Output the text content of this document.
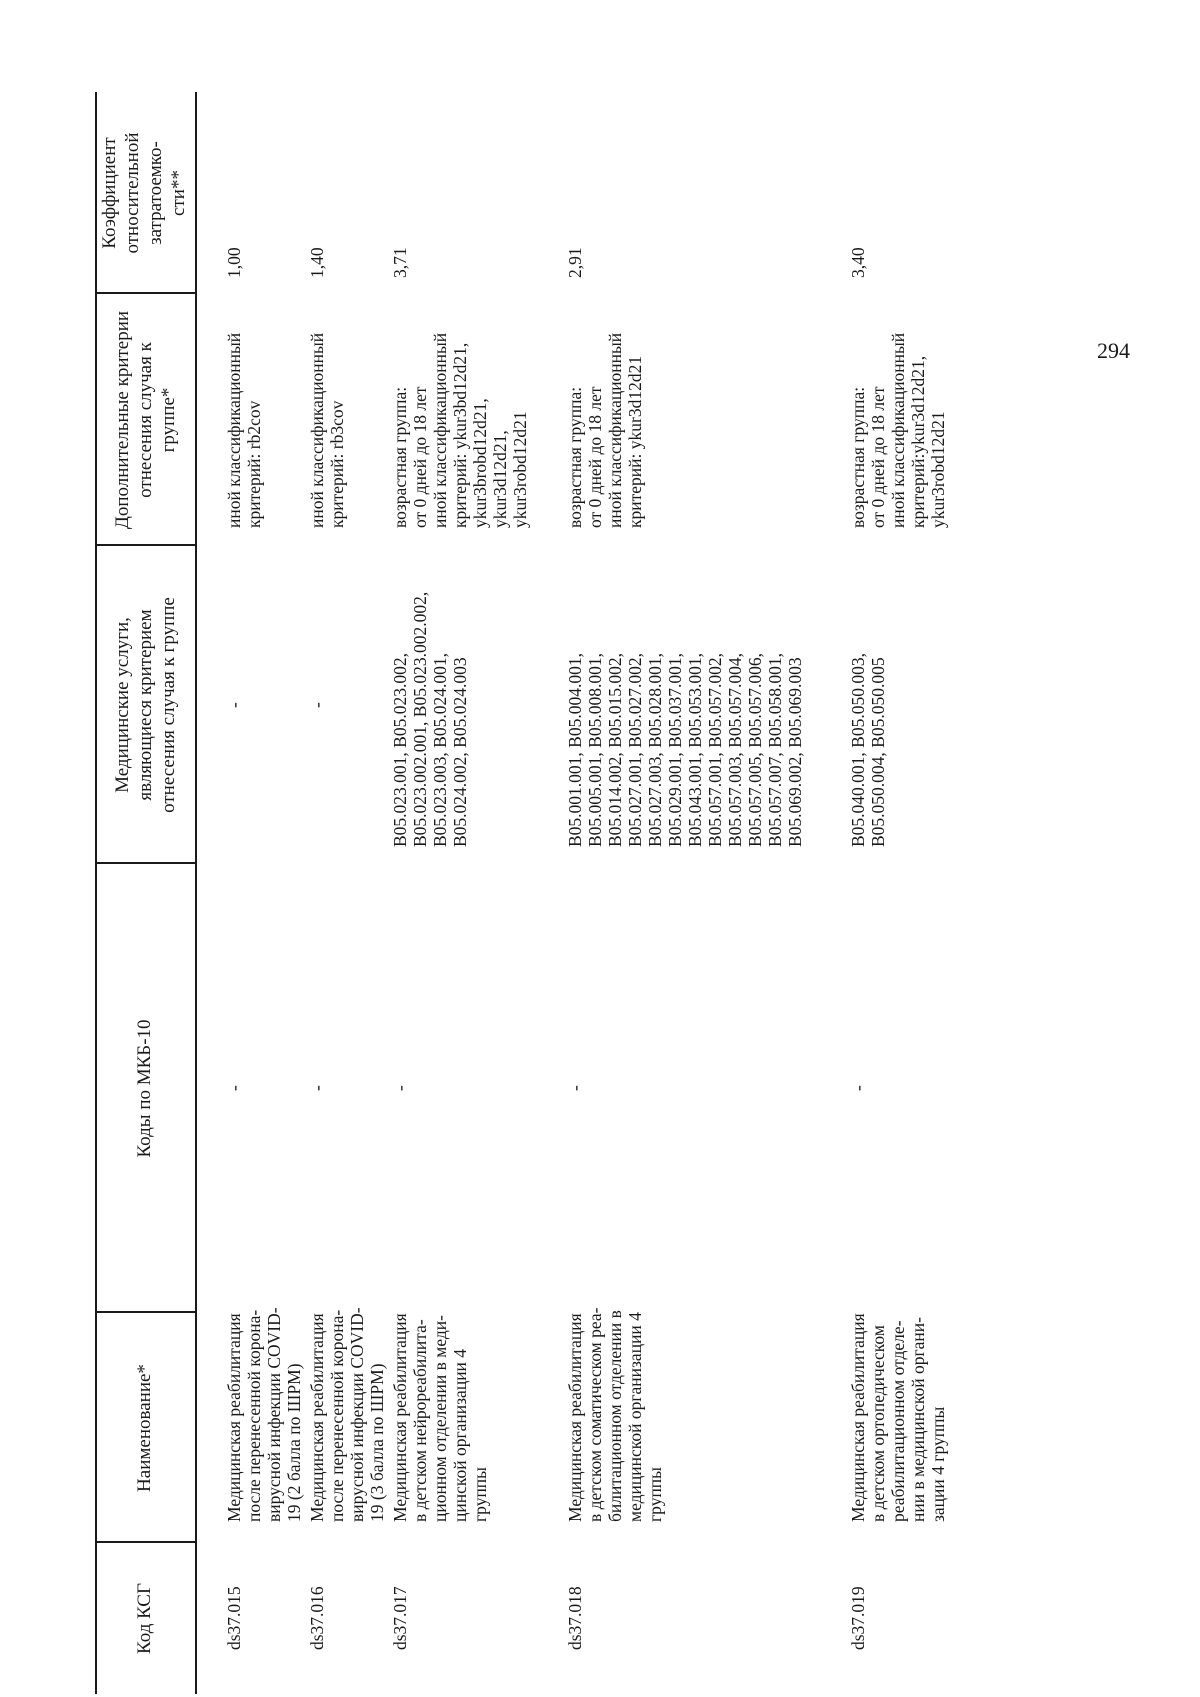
294
Код КСГ
Наименование*
Коды по МКБ-10
Медицинские услуги,
являющиеся критерием
отнесения случая к группе
Дополнительные критерии
отнесения случая к
группе*
Коэффициент
относительной
затратоемко-
сти**
ds37.015
Медицинская реабилитация
после перенесенной корона-
вирусной инфекции COVID-
19 (2 балла по ШРМ)
-
-
иной классификационный
критерий: rb2cov
1,00
ds37.016
Медицинская реабилитация
после перенесенной корона-
вирусной инфекции COVID-
19 (3 балла по ШРМ)
-
-
иной классификационный
критерий: rb3cov
1,40
ds37.017
Медицинская реабилитация
в детском нейрореабилита-
ционном отделении в меди-
цинской организации 4
группы
-
B05.023.001, B05.023.002,
B05.023.002.001, B05.023.002.002,
B05.023.003, B05.024.001,
B05.024.002, B05.024.003
возрастная группа:
от 0 дней до 18 лет
иной классификационный
критерий: ykur3bd12d21,
ykur3brobd12d21,
ykur3d12d21,
ykur3robd12d21
3,71
ds37.018
Медицинская реабилитация
в детском соматическом реа-
билитационном отделении в
медицинской организации 4
группы
-
B05.001.001, B05.004.001,
B05.005.001, B05.008.001,
B05.014.002, B05.015.002,
B05.027.001, B05.027.002,
B05.027.003, B05.028.001,
B05.029.001, B05.037.001,
B05.043.001, B05.053.001,
B05.057.001, B05.057.002,
B05.057.003, B05.057.004,
B05.057.005, B05.057.006,
B05.057.007, B05.058.001,
B05.069.002, B05.069.003
возрастная группа:
от 0 дней до 18 лет
иной классификационный
критерий: ykur3d12d21
2,91
ds37.019
Медицинская реабилитация
в детском ортопедическом
реабилитационном отделе-
нии в медицинской органи-
зации 4 группы
-
B05.040.001, B05.050.003,
B05.050.004, B05.050.005
возрастная группа:
от 0 дней до 18 лет
иной классификационный
критерий:ykur3d12d21,
ykur3robd12d21
3,40
